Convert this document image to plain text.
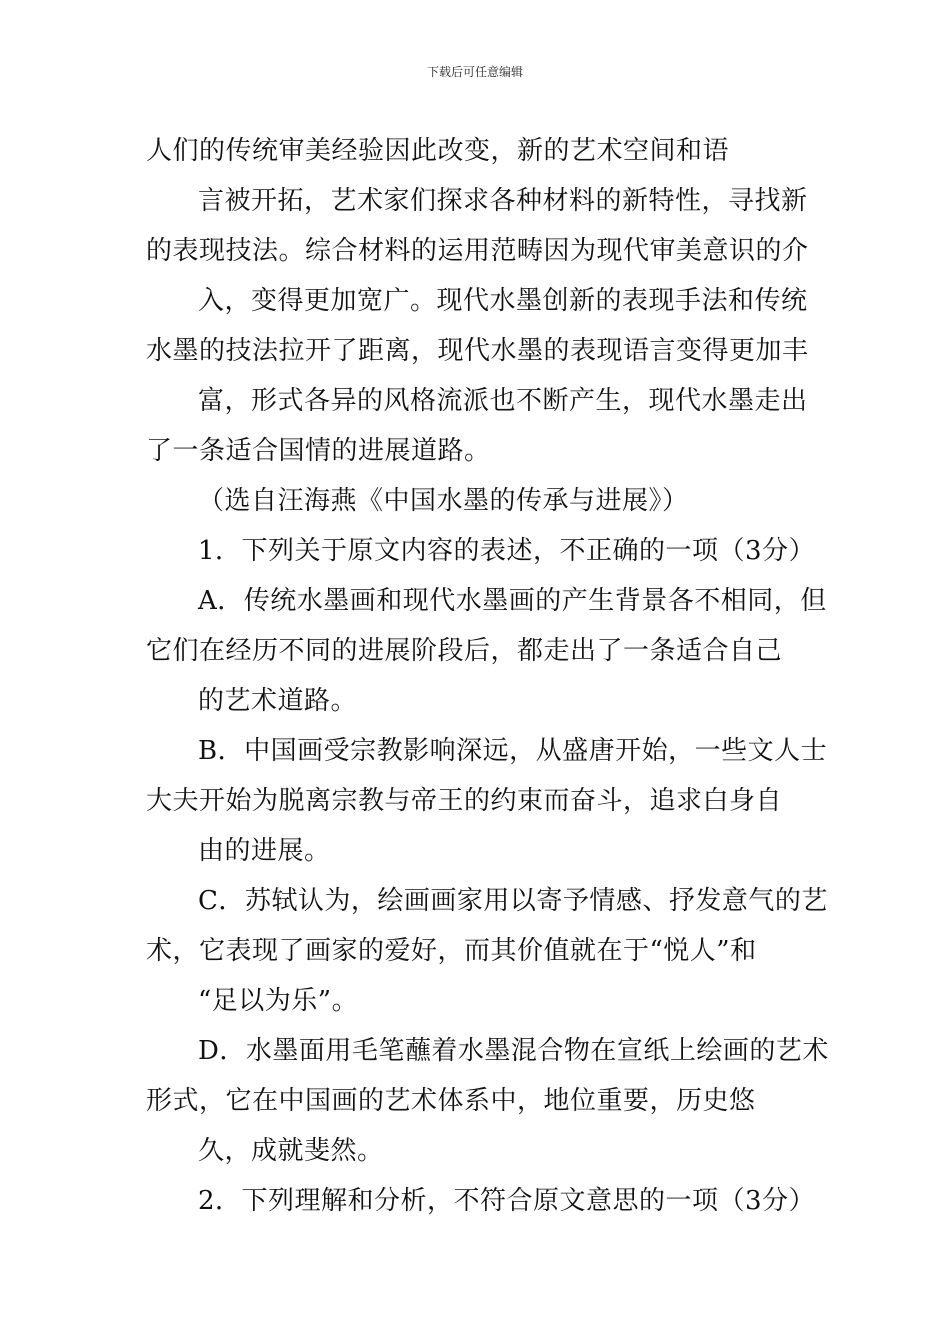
下载后可任意编辑
人们的传统审美经验因此改变，新的艺术空间和语
言被开拓，艺术家们探求各种材料的新特性，寻找新
的表现技法。综合材料的运用范畴因为现代审美意识的介
入，变得更加宽广。现代水墨创新的表现手法和传统
水墨的技法拉开了距离，现代水墨的表现语言变得更加丰
富，形式各异的风格流派也不断产生，现代水墨走出
了一条适合国情的进展道路。
（选自汪海燕《中国水墨的传承与进展》）
1．下列关于原文内容的表述，不正确的一项（3分）
A．传统水墨画和现代水墨画的产生背景各不相同，但
它们在经历不同的进展阶段后，都走出了一条适合自己
的艺术道路。
B．中国画受宗教影响深远，从盛唐开始，一些文人士
大夫开始为脱离宗教与帝王的约束而奋斗，追求白身自
由的进展。
C．苏轼认为，绘画画家用以寄予情感、抒发意气的艺
术，它表现了画家的爱好，而其价值就在于“悦人”和
“足以为乐”。
D．水墨面用毛笔蘸着水墨混合物在宣纸上绘画的艺术
形式，它在中国画的艺术体系中，地位重要，历史悠
久，成就斐然。
2．下列理解和分析，不符合原文意思的一项（3分）
